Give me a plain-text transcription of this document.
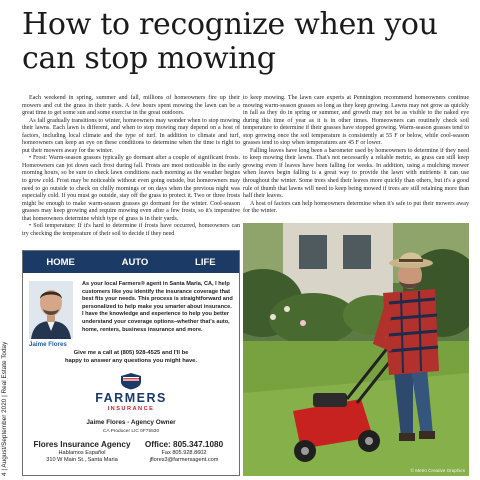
How to recognize when you can stop mowing
4 | August/September 2020 | Real Estate Today

Each weekend in spring, summer and fall, millions of homeowners fire up their mowers and cut the grass in their yards. A few hours spent mowing the lawn can be a great time to get some sun and some exercise in the great outdoors.

As fall gradually transitions to winter, homeowners may wonder when to stop mowing their lawns. Each lawn is different, and when to stop mowing may depend on a host of factors, including local climate and the type of turf. In addition to climate and turf, homeowners can keep an eye on these conditions to determine when the time is right to put their mowers away for the winter.

• Frost: Warm-season grasses typically go dormant after a couple of significant frosts. Homeowners can jot down each frost during fall. Frosts are most noticeable in the early morning hours, so be sure to check lawn conditions each morning as the weather begins to grow cold. Frost may be noticeable without even going outside, but homeowners may need to go outside to check on chilly mornings or on days when the previous night was especially cold. If you must go outside, stay off the grass to protect it. Two or three frosts might be enough to make warm-season grasses go dormant for the winter. Cool-season grasses may keep growing and require mowing even after a few frosts, so it's imperative that homeowners determine which type of grass is in their yards.

• Soil temperature: If it's hard to determine if frosts have occurred, homeowners can try checking the temperature of their soil to decide if they need

to keep mowing. The lawn care experts at Pennington recommend homeowners continue mowing warm-season grasses so long as they keep growing. Lawns may not grow as quickly in fall as they do in spring or summer, and growth may not be as visible to the naked eye during this time of year as it is in other times. Homeowners can routinely check soil temperature to determine if their grasses have stopped growing. Warm-season grasses tend to stop growing once the soil temperature is consistently at 55 F or below, while cool-season grasses tend to stop when temperatures are 45 F or lower.

Falling leaves have long been a barometer used by homeowners to determine if they need to keep mowing their lawns. That's not necessarily a reliable metric, as grass can still keep growing even if leaves have been falling for weeks. In addition, using a mulching mower when leaves begin falling is a great way to provide the lawn with nutrients it can use throughout the winter. Some trees shed their leaves more quickly than others, but it's a good rule of thumb that lawns will need to keep being mowed if trees are still retaining more than half their leaves.

A host of factors can help homeowners determine when it's safe to put their mowers away for the winter.

HOME	AUTO	LIFE
Jaime Flores
As your local Farmers® agent in Santa Maria, CA, I help customers like you identify the insurance coverage that best fits your needs. This process is straightforward and personalized to help make you smarter about insurance. I have the knowledge and experience to help you better understand your coverage options–whether that's auto, home, renters, business insurance and more.
Give me a call at (805) 928-4525 and I'll be
happy to answer any questions you might have.
FARMERS
INSURANCE
Jaime Flores - Agency Owner
CA Producer LIC 0F75530
Flores Insurance Agency
Hablamos Español
310 W Main St., Santa Maria
Office: 805.347.1080
Fax 805.928.8602
jflores3@farmersagent.com
© Metro Creative Graphics
